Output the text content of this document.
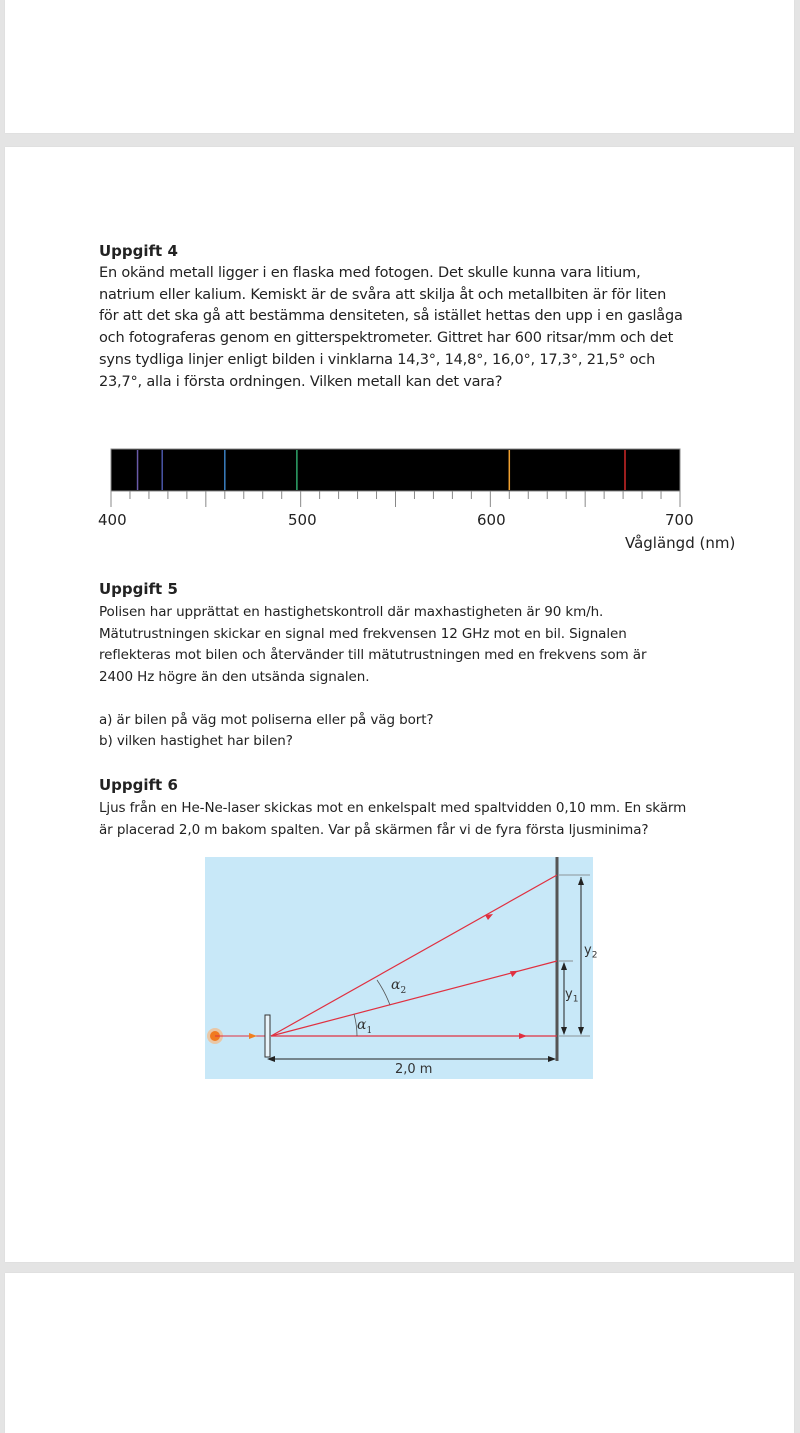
Uppgift 4

En okänd metall ligger i en flaska med fotogen. Det skulle kunna vara litium,

natrium eller kalium. Kemiskt är de svåra att skilja åt och metallbiten är för liten

för att det ska gå att bestämma densiteten, så istället hettas den upp i en gaslåga

och fotograferas genom en gitterspektrometer. Gittret har 600 ritsar/mm och det

syns tydliga linjer enligt bilden i vinklarna 14,3°, 14,8°, 16,0°, 17,3°, 21,5° och

23,7°, alla i första ordningen. Vilken metall kan det vara?

400	500	600	700
Våglängd (nm)
Uppgift 5

Polisen har upprättat en hastighetskontroll där maxhastigheten är 90 km/h.

Mätutrustningen skickar en signal med frekvensen 12 GHz mot en bil. Signalen

reflekteras mot bilen och återvänder till mätutrustningen med en frekvens som är

2400 Hz högre än den utsända signalen.

a) är bilen på väg mot poliserna eller på väg bort?

b) vilken hastighet har bilen?

Uppgift 6

Ljus från en He-Ne-laser skickas mot en enkelspalt med spaltvidden 0,10 mm. En skärm

är placerad 2,0 m bakom spalten. Var på skärmen får vi de fyra första ljusminima?

$\alpha_1$
$\alpha_2$	$y_1$
$y_2$
2,0 m
